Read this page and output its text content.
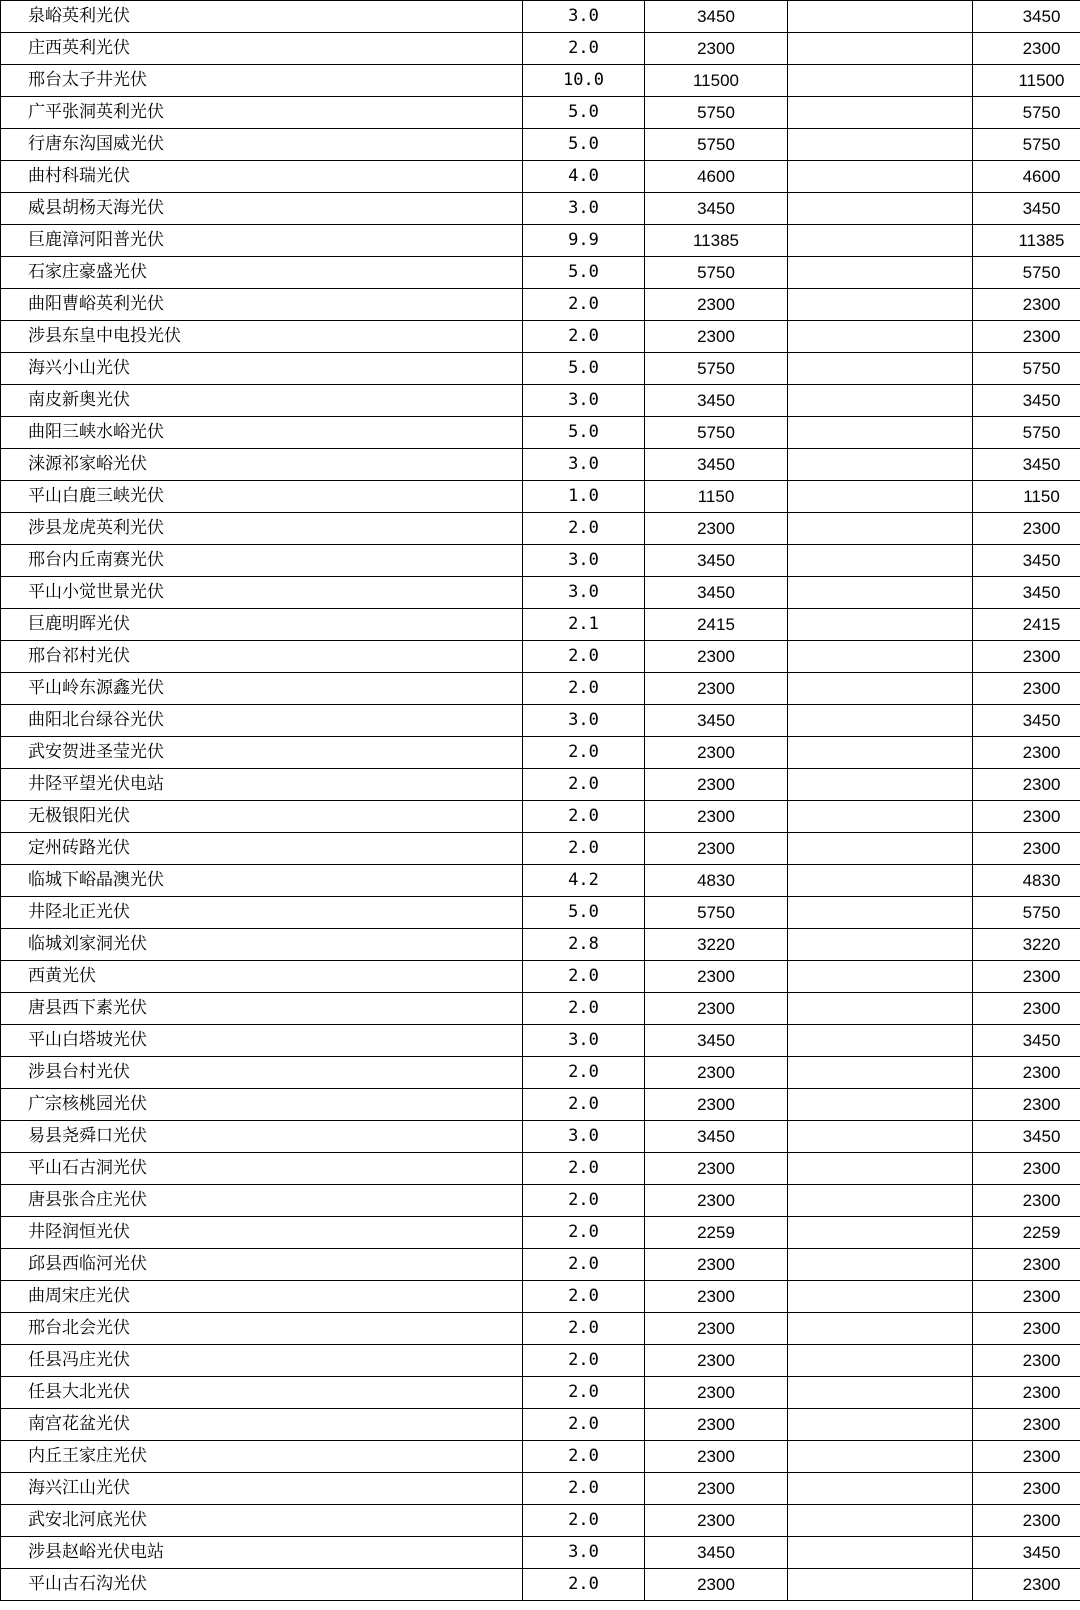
泉峪英利光伏	3.0	3450		3450
庄西英利光伏	2.0	2300		2300
邢台太子井光伏	10.0	11500		11500
广平张洞英利光伏	5.0	5750		5750
行唐东沟国威光伏	5.0	5750		5750
曲村科瑞光伏	4.0	4600		4600
威县胡杨天海光伏	3.0	3450		3450
巨鹿漳河阳普光伏	9.9	11385		11385
石家庄豪盛光伏	5.0	5750		5750
曲阳曹峪英利光伏	2.0	2300		2300
涉县东皇中电投光伏	2.0	2300		2300
海兴小山光伏	5.0	5750		5750
南皮新奥光伏	3.0	3450		3450
曲阳三峡水峪光伏	5.0	5750		5750
涞源祁家峪光伏	3.0	3450		3450
平山白鹿三峡光伏	1.0	1150		1150
涉县龙虎英利光伏	2.0	2300		2300
邢台内丘南赛光伏	3.0	3450		3450
平山小觉世景光伏	3.0	3450		3450
巨鹿明晖光伏	2.1	2415		2415
邢台祁村光伏	2.0	2300		2300
平山岭东源鑫光伏	2.0	2300		2300
曲阳北台绿谷光伏	3.0	3450		3450
武安贺进圣莹光伏	2.0	2300		2300
井陉平望光伏电站	2.0	2300		2300
无极银阳光伏	2.0	2300		2300
定州砖路光伏	2.0	2300		2300
临城下峪晶澳光伏	4.2	4830		4830
井陉北正光伏	5.0	5750		5750
临城刘家洞光伏	2.8	3220		3220
西黄光伏	2.0	2300		2300
唐县西下素光伏	2.0	2300		2300
平山白塔坡光伏	3.0	3450		3450
涉县台村光伏	2.0	2300		2300
广宗核桃园光伏	2.0	2300		2300
易县尧舜口光伏	3.0	3450		3450
平山石古洞光伏	2.0	2300		2300
唐县张合庄光伏	2.0	2300		2300
井陉润恒光伏	2.0	2259		2259
邱县西临河光伏	2.0	2300		2300
曲周宋庄光伏	2.0	2300		2300
邢台北会光伏	2.0	2300		2300
任县冯庄光伏	2.0	2300		2300
任县大北光伏	2.0	2300		2300
南宫花盆光伏	2.0	2300		2300
内丘王家庄光伏	2.0	2300		2300
海兴江山光伏	2.0	2300		2300
武安北河底光伏	2.0	2300		2300
涉县赵峪光伏电站	3.0	3450		3450
平山古石沟光伏	2.0	2300		2300
